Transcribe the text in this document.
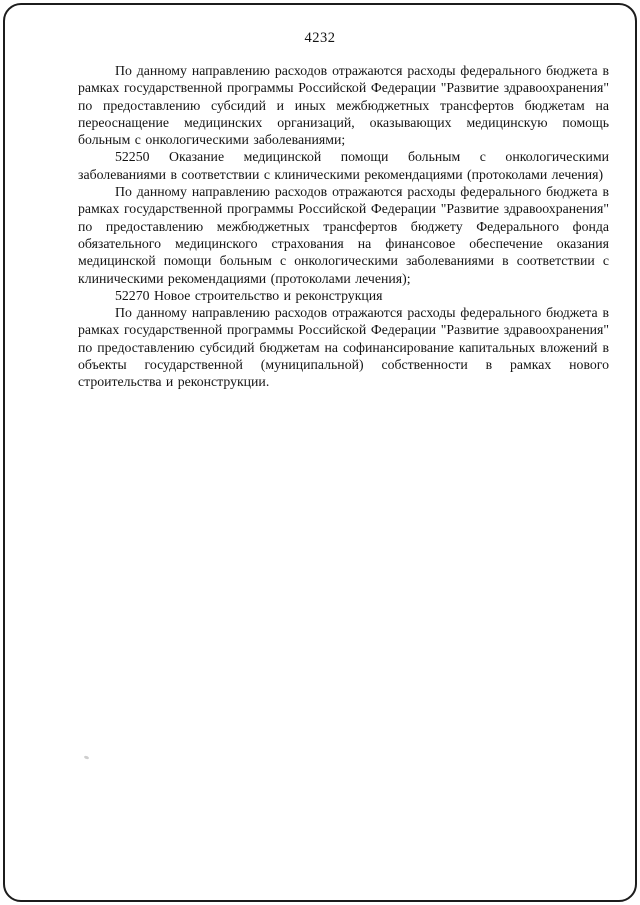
4232

По данному направлению расходов отражаются расходы федерального бюджета в рамках государственной программы Российской Федерации "Развитие здравоохранения" по предоставлению субсидий и иных межбюджетных трансфертов бюджетам на переоснащение медицинских организаций, оказывающих медицинскую помощь больным с онкологическими заболеваниями;

52250 Оказание медицинской помощи больным с онкологическими заболеваниями в соответствии с клиническими рекомендациями (протоколами лечения)

По данному направлению расходов отражаются расходы федерального бюджета в рамках государственной программы Российской Федерации "Развитие здравоохранения" по предоставлению межбюджетных трансфертов бюджету Федерального фонда обязательного медицинского страхования на финансовое обеспечение оказания медицинской помощи больным с онкологическими заболеваниями в соответствии с клиническими рекомендациями (протоколами лечения);

52270 Новое строительство и реконструкция

По данному направлению расходов отражаются расходы федерального бюджета в рамках государственной программы Российской Федерации "Развитие здравоохранения" по предоставлению субсидий бюджетам на софинансирование капитальных вложений в объекты государственной (муниципальной) собственности в рамках нового строительства и реконструкции.
